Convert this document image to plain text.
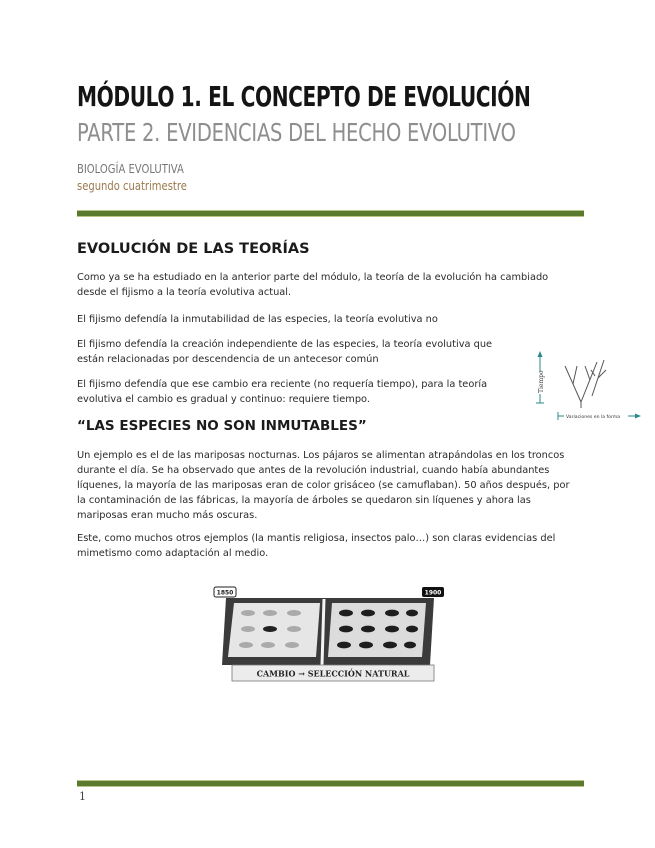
MÓDULO 1. EL CONCEPTO DE EVOLUCIÓN
PARTE 2. EVIDENCIAS DEL HECHO EVOLUTIVO
BIOLOGÍA EVOLUTIVA
segundo cuatrimestre
EVOLUCIÓN DE LAS TEORÍAS
Como ya se ha estudiado en la anterior parte del módulo, la teoría de la evolución ha cambiado desde el fijismo a la teoría evolutiva actual.
El fijismo defendía la inmutabilidad de las especies, la teoría evolutiva no
El fijismo defendía la creación independiente de las especies, la teoría evolutiva que están relacionadas por descendencia de un antecesor común
El fijismo defendía que ese cambio era reciente (no requería tiempo), para la teoría evolutiva el cambio es gradual y continuo: requiere tiempo.
Tiempo
Variaciones en la forma
“LAS ESPECIES NO SON INMUTABLES”
Un ejemplo es el de las mariposas nocturnas. Los pájaros se alimentan atrapándolas en los troncos durante el día. Se ha observado que antes de la revolución industrial, cuando había abundantes líquenes, la mayoría de las mariposas eran de color grisáceo (se camuflaban). 50 años después, por la contaminación de las fábricas, la mayoría de árboles se quedaron sin líquenes y ahora las mariposas eran mucho más oscuras.
Este, como muchos otros ejemplos (la mantis religiosa, insectos palo…) son claras evidencias del mimetismo como adaptación al medio.
1850	1900
CAMBIO → SELECCIÓN NATURAL
1
